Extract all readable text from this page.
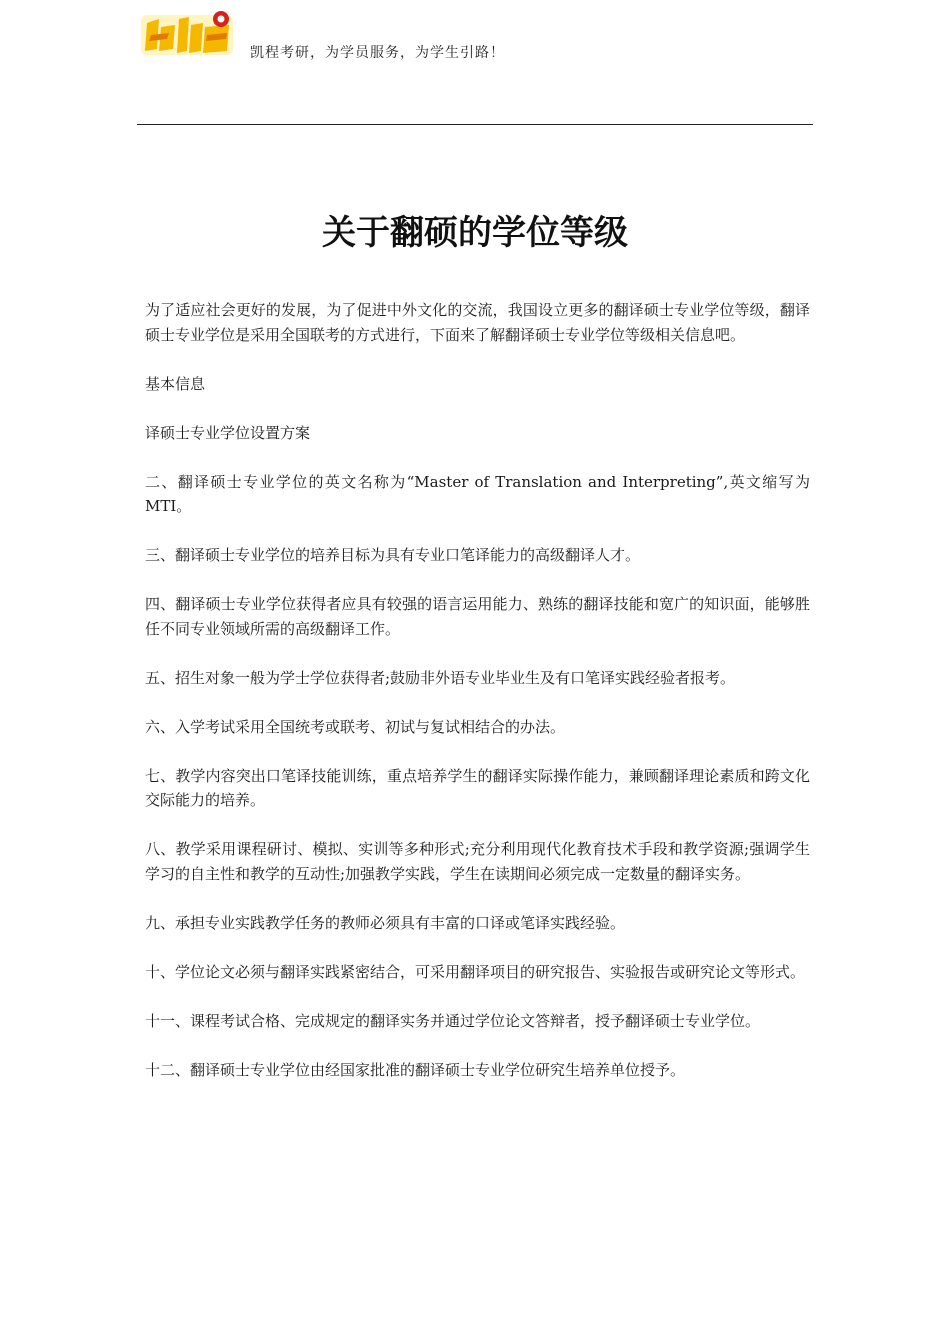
凯程考研，为学员服务，为学生引路！
关于翻硕的学位等级

为了适应社会更好的发展，为了促进中外文化的交流，我国设立更多的翻译硕士专业学位等级，翻译硕士专业学位是采用全国联考的方式进行，下面来了解翻译硕士专业学位等级相关信息吧。

基本信息

译硕士专业学位设置方案

二、翻译硕士专业学位的英文名称为“Master of Translation and Interpreting”,英文缩写为MTI。

三、翻译硕士专业学位的培养目标为具有专业口笔译能力的高级翻译人才。

四、翻译硕士专业学位获得者应具有较强的语言运用能力、熟练的翻译技能和宽广的知识面，能够胜任不同专业领域所需的高级翻译工作。

五、招生对象一般为学士学位获得者;鼓励非外语专业毕业生及有口笔译实践经验者报考。

六、入学考试采用全国统考或联考、初试与复试相结合的办法。

七、教学内容突出口笔译技能训练，重点培养学生的翻译实际操作能力，兼顾翻译理论素质和跨文化交际能力的培养。

八、教学采用课程研讨、模拟、实训等多种形式;充分利用现代化教育技术手段和教学资源;强调学生学习的自主性和教学的互动性;加强教学实践，学生在读期间必须完成一定数量的翻译实务。

九、承担专业实践教学任务的教师必须具有丰富的口译或笔译实践经验。

十、学位论文必须与翻译实践紧密结合，可采用翻译项目的研究报告、实验报告或研究论文等形式。

十一、课程考试合格、完成规定的翻译实务并通过学位论文答辩者，授予翻译硕士专业学位。

十二、翻译硕士专业学位由经国家批准的翻译硕士专业学位研究生培养单位授予。
